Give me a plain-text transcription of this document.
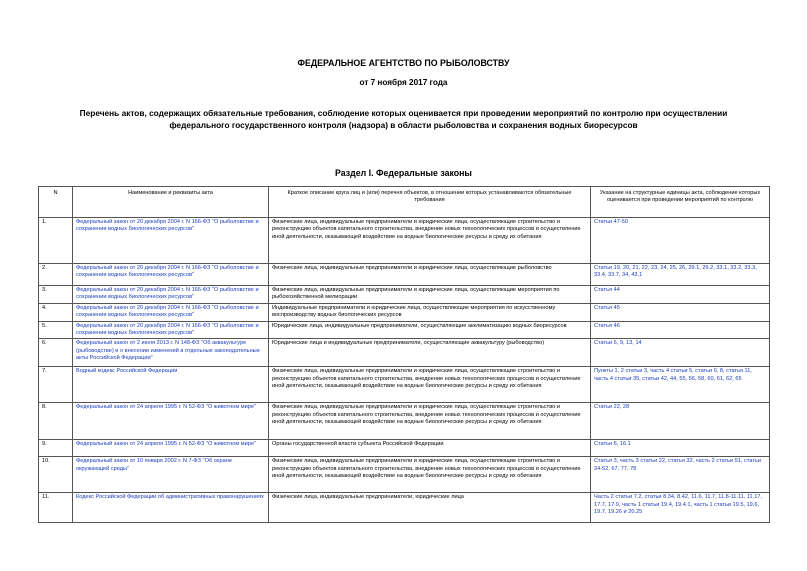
ФЕДЕРАЛЬНОЕ АГЕНТСТВО ПО РЫБОЛОВСТВУ
от 7 ноября 2017 года
Перечень актов, содержащих обязательные требования, соблюдение которых оценивается при проведении мероприятий по контролю при осуществлении
федерального государственного контроля (надзора) в области рыболовства и сохранения водных биоресурсов
Раздел I. Федеральные законы
N	Наименование и реквизиты акта	Краткое описание круга лиц и (или) перечня объектов, в отношении которых устанавливаются обязательные требования	Указание на структурные единицы акта, соблюдение которых оценивается при проведении мероприятий по контролю
1.	Федеральный закон от 20 декабря 2004 г. N 166-ФЗ "О рыболовстве и сохранении водных биологических ресурсов"	Физические лица, индивидуальные предприниматели и юридические лица, осуществляющие строительство и реконструкцию объектов капитального строительства, внедрение новых технологических процессов и осуществление иной деятельности, оказывающей воздействие на водные биологические ресурсы и среду их обитания	Статьи 47-50
2.	Федеральный закон от 20 декабря 2004 г. N 166-ФЗ "О рыболовстве и сохранении водных биологических ресурсов"	Физические лица, индивидуальные предприниматели и юридические лица, осуществляющие рыболовство	Статьи 19, 20, 21, 22, 23, 24, 25, 26, 29.1, 29.2, 33.1, 33.2, 33.3, 33.4, 33.7, 34, 43.1
3.	Федеральный закон от 20 декабря 2004 г. N 166-ФЗ "О рыболовстве и сохранении водных биологических ресурсов"	Физические лица, индивидуальные предприниматели и юридические лица, осуществляющие мероприятия по рыбохозяйственной мелиорации	Статья 44
4.	Федеральный закон от 20 декабря 2004 г. N 166-ФЗ "О рыболовстве и сохранении водных биологических ресурсов"	Индивидуальные предприниматели и юридические лица, осуществляющие мероприятия по искусственному воспроизводству водных биологических ресурсов	Статья 45
5.	Федеральный закон от 20 декабря 2004 г. N 166-ФЗ "О рыболовстве и сохранении водных биологических ресурсов"	Юридические лица, индивидуальные предприниматели, осуществляющие акклиматизацию водных биоресурсов	Статья 46
6.	Федеральный закон от 2 июля 2013 г. N 148-ФЗ "Об аквакультуре (рыбоводстве) и о внесении изменений в отдельные законодательные акты Российской Федерации"	Юридические лица и индивидуальные предприниматели, осуществляющие аквакультуру (рыбоводство)	Статьи 6, 9, 13, 14
7.	Водный кодекс Российской Федерации	Физические лица, индивидуальные предприниматели и юридические лица, осуществляющие строительство и реконструкцию объектов капитального строительства, внедрение новых технологических процессов и осуществление иной деятельности, оказывающей воздействие на водные биологические ресурсы и среду их обитания	Пункты 1, 2 статьи 3, часть 4 статьи 5, статьи 6, 8, статья 11, часть 4 статьи 35, статьи 42, 44, 55, 56, 58, 60, 61, 62, 65
8.	Федеральный закон от 24 апреля 1995 г. N 52-ФЗ "О животном мире"	Физические лица, индивидуальные предприниматели и юридические лица, осуществляющие строительство и реконструкцию объектов капитального строительства, внедрение новых технологических процессов и осуществление иной деятельности, оказывающей воздействие на водные биологические ресурсы и среду их обитания	Статьи 22, 28
9.	Федеральный закон от 24 апреля 1995 г. N 52-ФЗ "О животном мире"	Органы государственной власти субъекта Российской Федерации	Статьи 6, 16.1
10.	Федеральный закон от 10 января 2002 г. N 7-ФЗ "Об охране окружающей среды"	Физические лица, индивидуальные предприниматели и юридические лица, осуществляющие строительство и реконструкцию объектов капитального строительства, внедрение новых технологических процессов и осуществление иной деятельности, оказывающей воздействие на водные биологические ресурсы и среду их обитания	Статья 3, часть 3 статьи 22, статья 32, часть 2 статьи 51, статьи 34-52, 67, 77, 78
11.	Кодекс Российской Федерации об административных правонарушениях	Физические лица, индивидуальные предприниматели, юридические лица	Часть 2 статьи 7.2, статьи 8.34, 8.42, 11.6, 11.7, 11.8-11.11, 11.17, 17.7, 17.9, часть 1 статьи 19.4, 19.4.1, часть 1 статьи 19.5, 19.6, 19.7, 19.26 и 20.25
